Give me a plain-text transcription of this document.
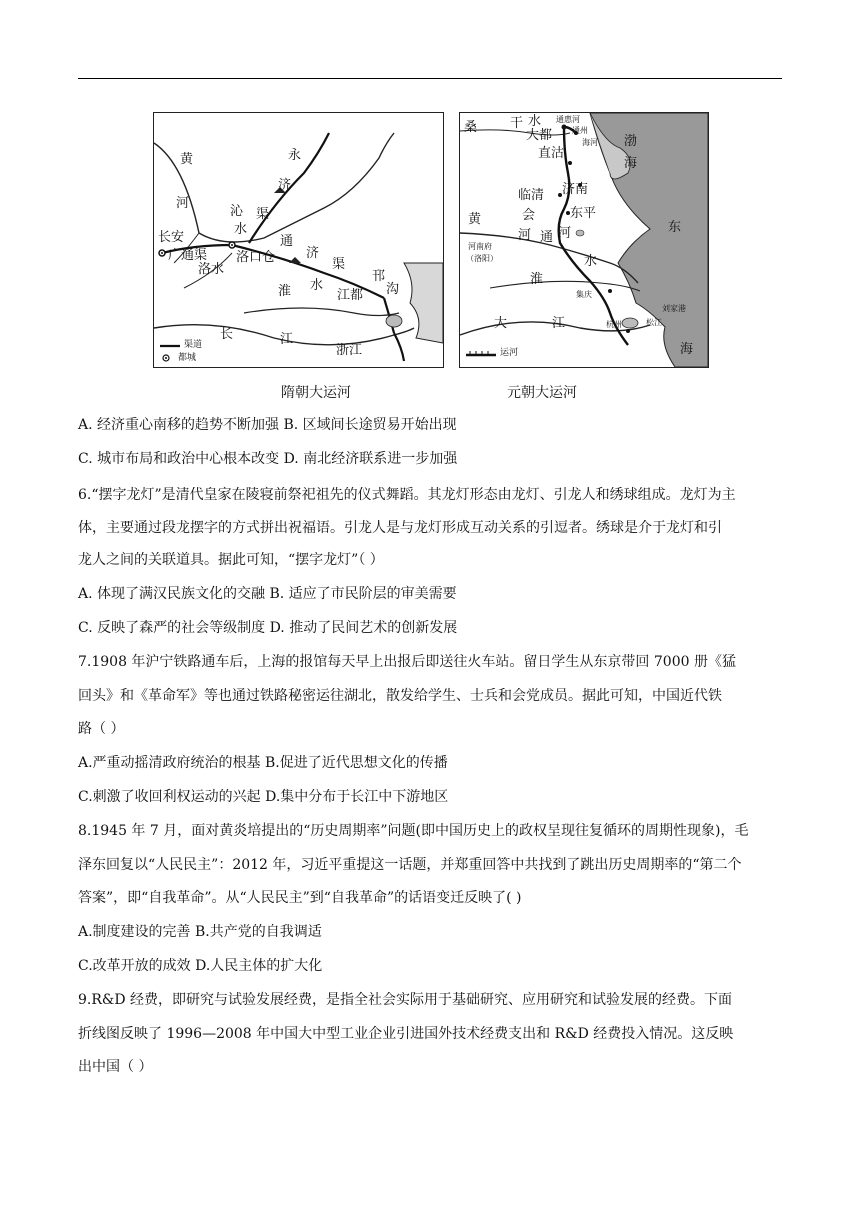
黄
河
永
济
沁 渠
水
长安
广通渠 洛口仓
通
济
渠
洛水
淮 水
邗
沟
江都
长	江
浙江
渠道
都城
桑	干 水
大都
通惠河
通州
海河 渤
海
直沽
临清 济南
会
河 通
东平
黄
河
河南府
（洛阳）
淮
水
东
集庆
刘家港
松江
大	江	杭州
海
运河
隋朝大运河	元朝大运河
A. 经济重心南移的趋势不断加强 B. 区域间长途贸易开始出现
C. 城市布局和政治中心根本改变 D. 南北经济联系进一步加强
6.“摆字龙灯”是清代皇家在陵寝前祭祀祖先的仪式舞蹈。其龙灯形态由龙灯、引龙人和绣球组成。龙灯为主
体，主要通过段龙摆字的方式拼出祝福语。引龙人是与龙灯形成互动关系的引逗者。绣球是介于龙灯和引
龙人之间的关联道具。据此可知，“摆字龙灯”（ ）
A. 体现了满汉民族文化的交融 B. 适应了市民阶层的审美需要
C. 反映了森严的社会等级制度 D. 推动了民间艺术的创新发展
7.1908 年沪宁铁路通车后，上海的报馆每天早上出报后即送往火车站。留日学生从东京带回 7000 册《猛
回头》和《革命军》等也通过铁路秘密运往湖北，散发给学生、士兵和会党成员。据此可知，中国近代铁
路（ ）
A.严重动摇清政府统治的根基 B.促进了近代思想文化的传播
C.刺激了收回利权运动的兴起 D.集中分布于长江中下游地区
8.1945 年 7 月，面对黄炎培提出的“历史周期率”问题(即中国历史上的政权呈现往复循环的周期性现象)，毛
泽东回复以“人民民主”：2012 年，习近平重提这一话题，并郑重回答中共找到了跳出历史周期率的“第二个
答案”，即“自我革命”。从“人民民主”到“自我革命”的话语变迁反映了( )
A.制度建设的完善 B.共产党的自我调适
C.改革开放的成效 D.人民主体的扩大化
9.R&D 经费，即研究与试验发展经费，是指全社会实际用于基础研究、应用研究和试验发展的经费。下面
折线图反映了 1996—2008 年中国大中型工业企业引进国外技术经费支出和 R&D 经费投入情况。这反映
出中国（ ）
